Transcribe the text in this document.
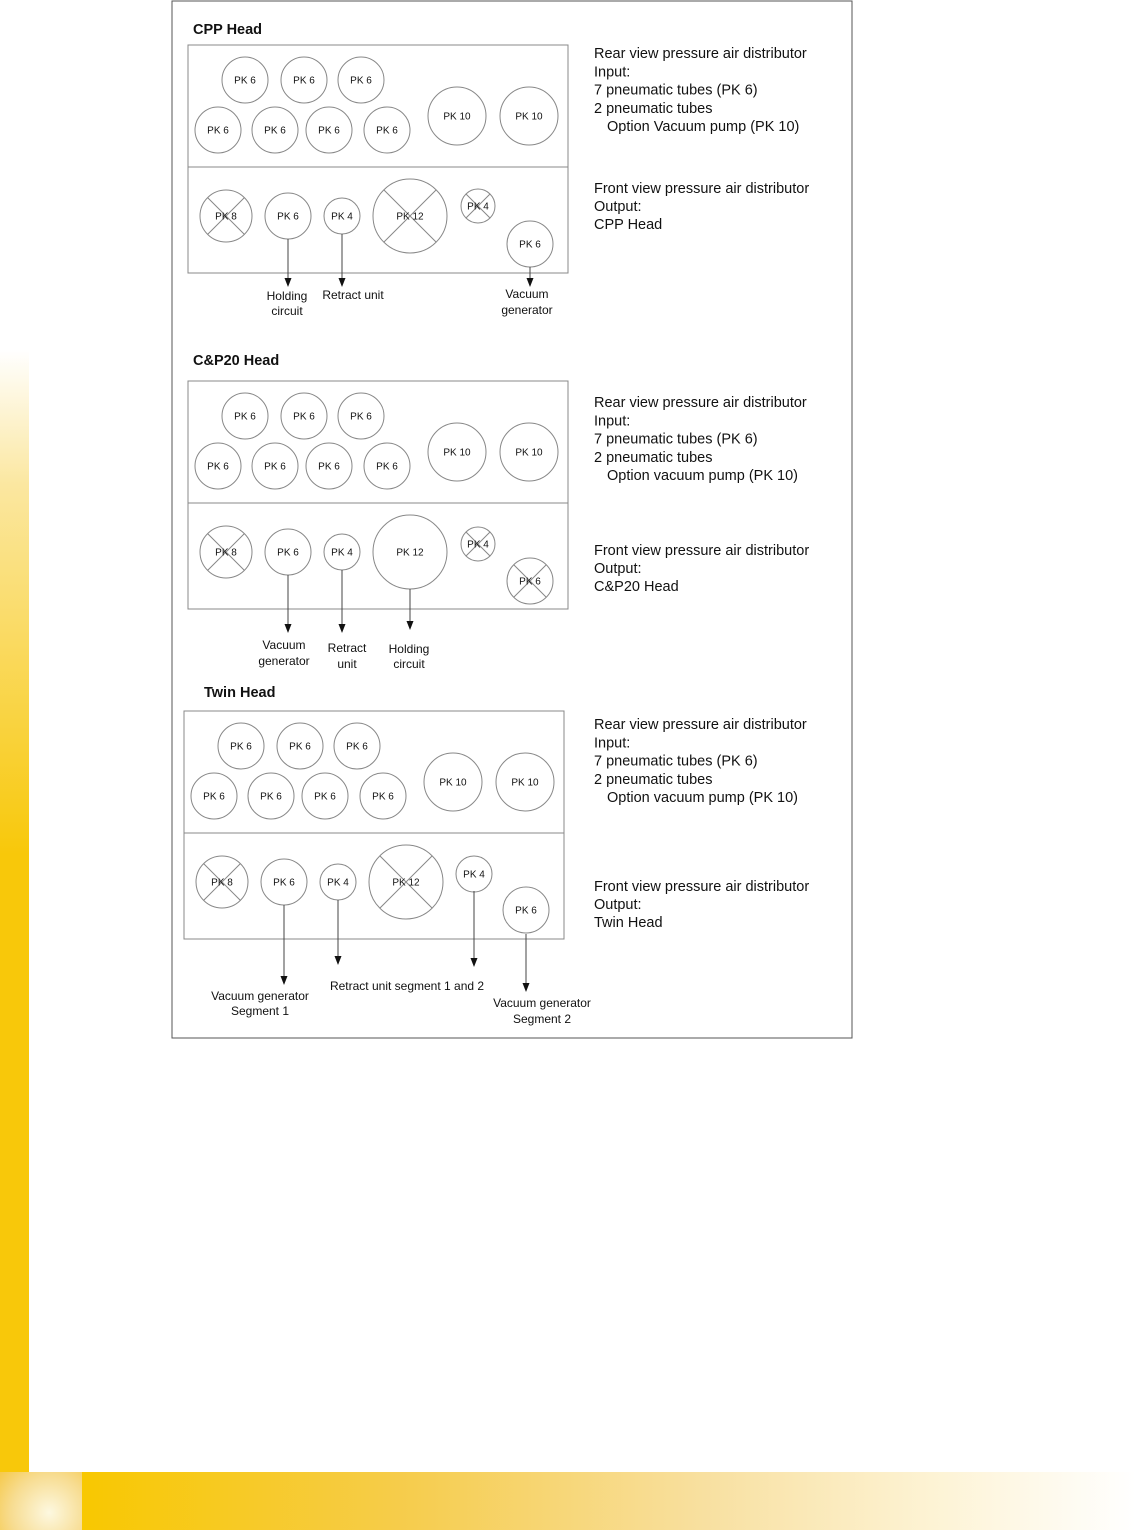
CPP Head
PK 6	PK 6	PK 6
PK 6	PK 6	PK 6	PK 6
PK 10	PK 10
PK 8	PK 6	PK 4	PK 12
PK 4
PK 6
Holding
circuit
Retract unit	Vacuum
generator
Rear view pressure air distributor
Input:
7 pneumatic tubes (PK 6)
2 pneumatic tubes
Option Vacuum pump (PK 10)
Front view pressure air distributor
Output:
CPP Head
C&P20 Head
PK 6	PK 6	PK 6
PK 6	PK 6	PK 6	PK 6
PK 10	PK 10
PK 8	PK 6	PK 4	PK 12
PK 4
PK 6
Vacuum
generator
Retract
unit
Holding
circuit
Rear view pressure air distributor
Input:
7 pneumatic tubes (PK 6)
2 pneumatic tubes
Option vacuum pump (PK 10)
Front view pressure air distributor
Output:
C&P20 Head
Twin Head
PK 6	PK 6	PK 6
PK 6	PK 6	PK 6	PK 6
PK 10	PK 10
PK 8	PK 6	PK 4	PK 12
PK 4
PK 6
Vacuum generator
Segment 1
Retract unit segment 1 and 2
Vacuum generator
Segment 2
Rear view pressure air distributor
Input:
7 pneumatic tubes (PK 6)
2 pneumatic tubes
Option vacuum pump (PK 10)
Front view pressure air distributor
Output:
Twin Head
